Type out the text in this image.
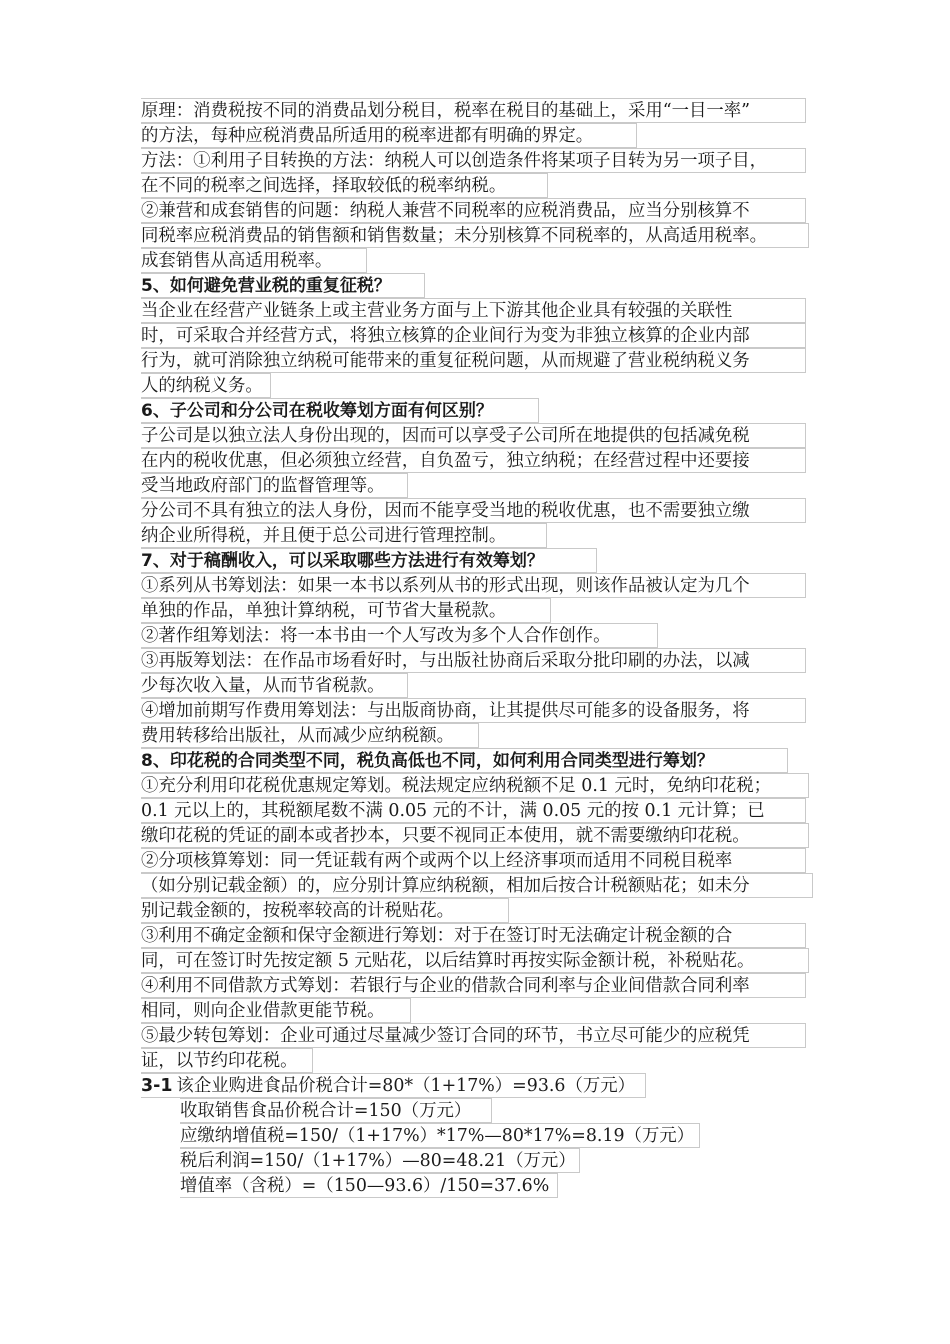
原理：消费税按不同的消费品划分税目，税率在税目的基础上，采用“一目一率”
的方法，每种应税消费品所适用的税率进都有明确的界定。
方法：①利用子目转换的方法：纳税人可以创造条件将某项子目转为另一项子目，
在不同的税率之间选择，择取较低的税率纳税。
②兼营和成套销售的问题：纳税人兼营不同税率的应税消费品，应当分别核算不
同税率应税消费品的销售额和销售数量；未分别核算不同税率的，从高适用税率。
成套销售从高适用税率。
5、如何避免营业税的重复征税？
当企业在经营产业链条上或主营业务方面与上下游其他企业具有较强的关联性
时，可采取合并经营方式，将独立核算的企业间行为变为非独立核算的企业内部
行为，就可消除独立纳税可能带来的重复征税问题，从而规避了营业税纳税义务
人的纳税义务。
6、子公司和分公司在税收筹划方面有何区别？
子公司是以独立法人身份出现的，因而可以享受子公司所在地提供的包括减免税
在内的税收优惠，但必须独立经营，自负盈亏，独立纳税；在经营过程中还要接
受当地政府部门的监督管理等。
分公司不具有独立的法人身份，因而不能享受当地的税收优惠，也不需要独立缴
纳企业所得税，并且便于总公司进行管理控制。
7、对于稿酬收入，可以采取哪些方法进行有效筹划？
①系列从书筹划法：如果一本书以系列从书的形式出现，则该作品被认定为几个
单独的作品，单独计算纳税，可节省大量税款。
②著作组筹划法：将一本书由一个人写改为多个人合作创作。
③再版筹划法：在作品市场看好时，与出版社协商后采取分批印刷的办法，以减
少每次收入量，从而节省税款。
④增加前期写作费用筹划法：与出版商协商，让其提供尽可能多的设备服务，将
费用转移给出版社，从而减少应纳税额。
8、印花税的合同类型不同，税负高低也不同，如何利用合同类型进行筹划？
①充分利用印花税优惠规定筹划。税法规定应纳税额不足 0.1 元时，免纳印花税；
0.1 元以上的，其税额尾数不满 0.05 元的不计，满 0.05 元的按 0.1 元计算；已
缴印花税的凭证的副本或者抄本，只要不视同正本使用，就不需要缴纳印花税。
②分项核算筹划：同一凭证载有两个或两个以上经济事项而适用不同税目税率
（如分别记载金额）的，应分别计算应纳税额，相加后按合计税额贴花；如未分
别记载金额的，按税率较高的计税贴花。
③利用不确定金额和保守金额进行筹划：对于在签订时无法确定计税金额的合
同，可在签订时先按定额 5 元贴花，以后结算时再按实际金额计税，补税贴花。
④利用不同借款方式筹划：若银行与企业的借款合同利率与企业间借款合同利率
相同，则向企业借款更能节税。
⑤最少转包筹划：企业可通过尽量减少签订合同的环节，书立尽可能少的应税凭
证，以节约印花税。
3-1 该企业购进食品价税合计=80*（1+17%）=93.6（万元）
收取销售食品价税合计=150（万元）
应缴纳增值税=150/（1+17%）*17%—80*17%=8.19（万元）
税后利润=150/（1+17%）—80=48.21（万元）
增值率（含税）=（150—93.6）/150=37.6%
